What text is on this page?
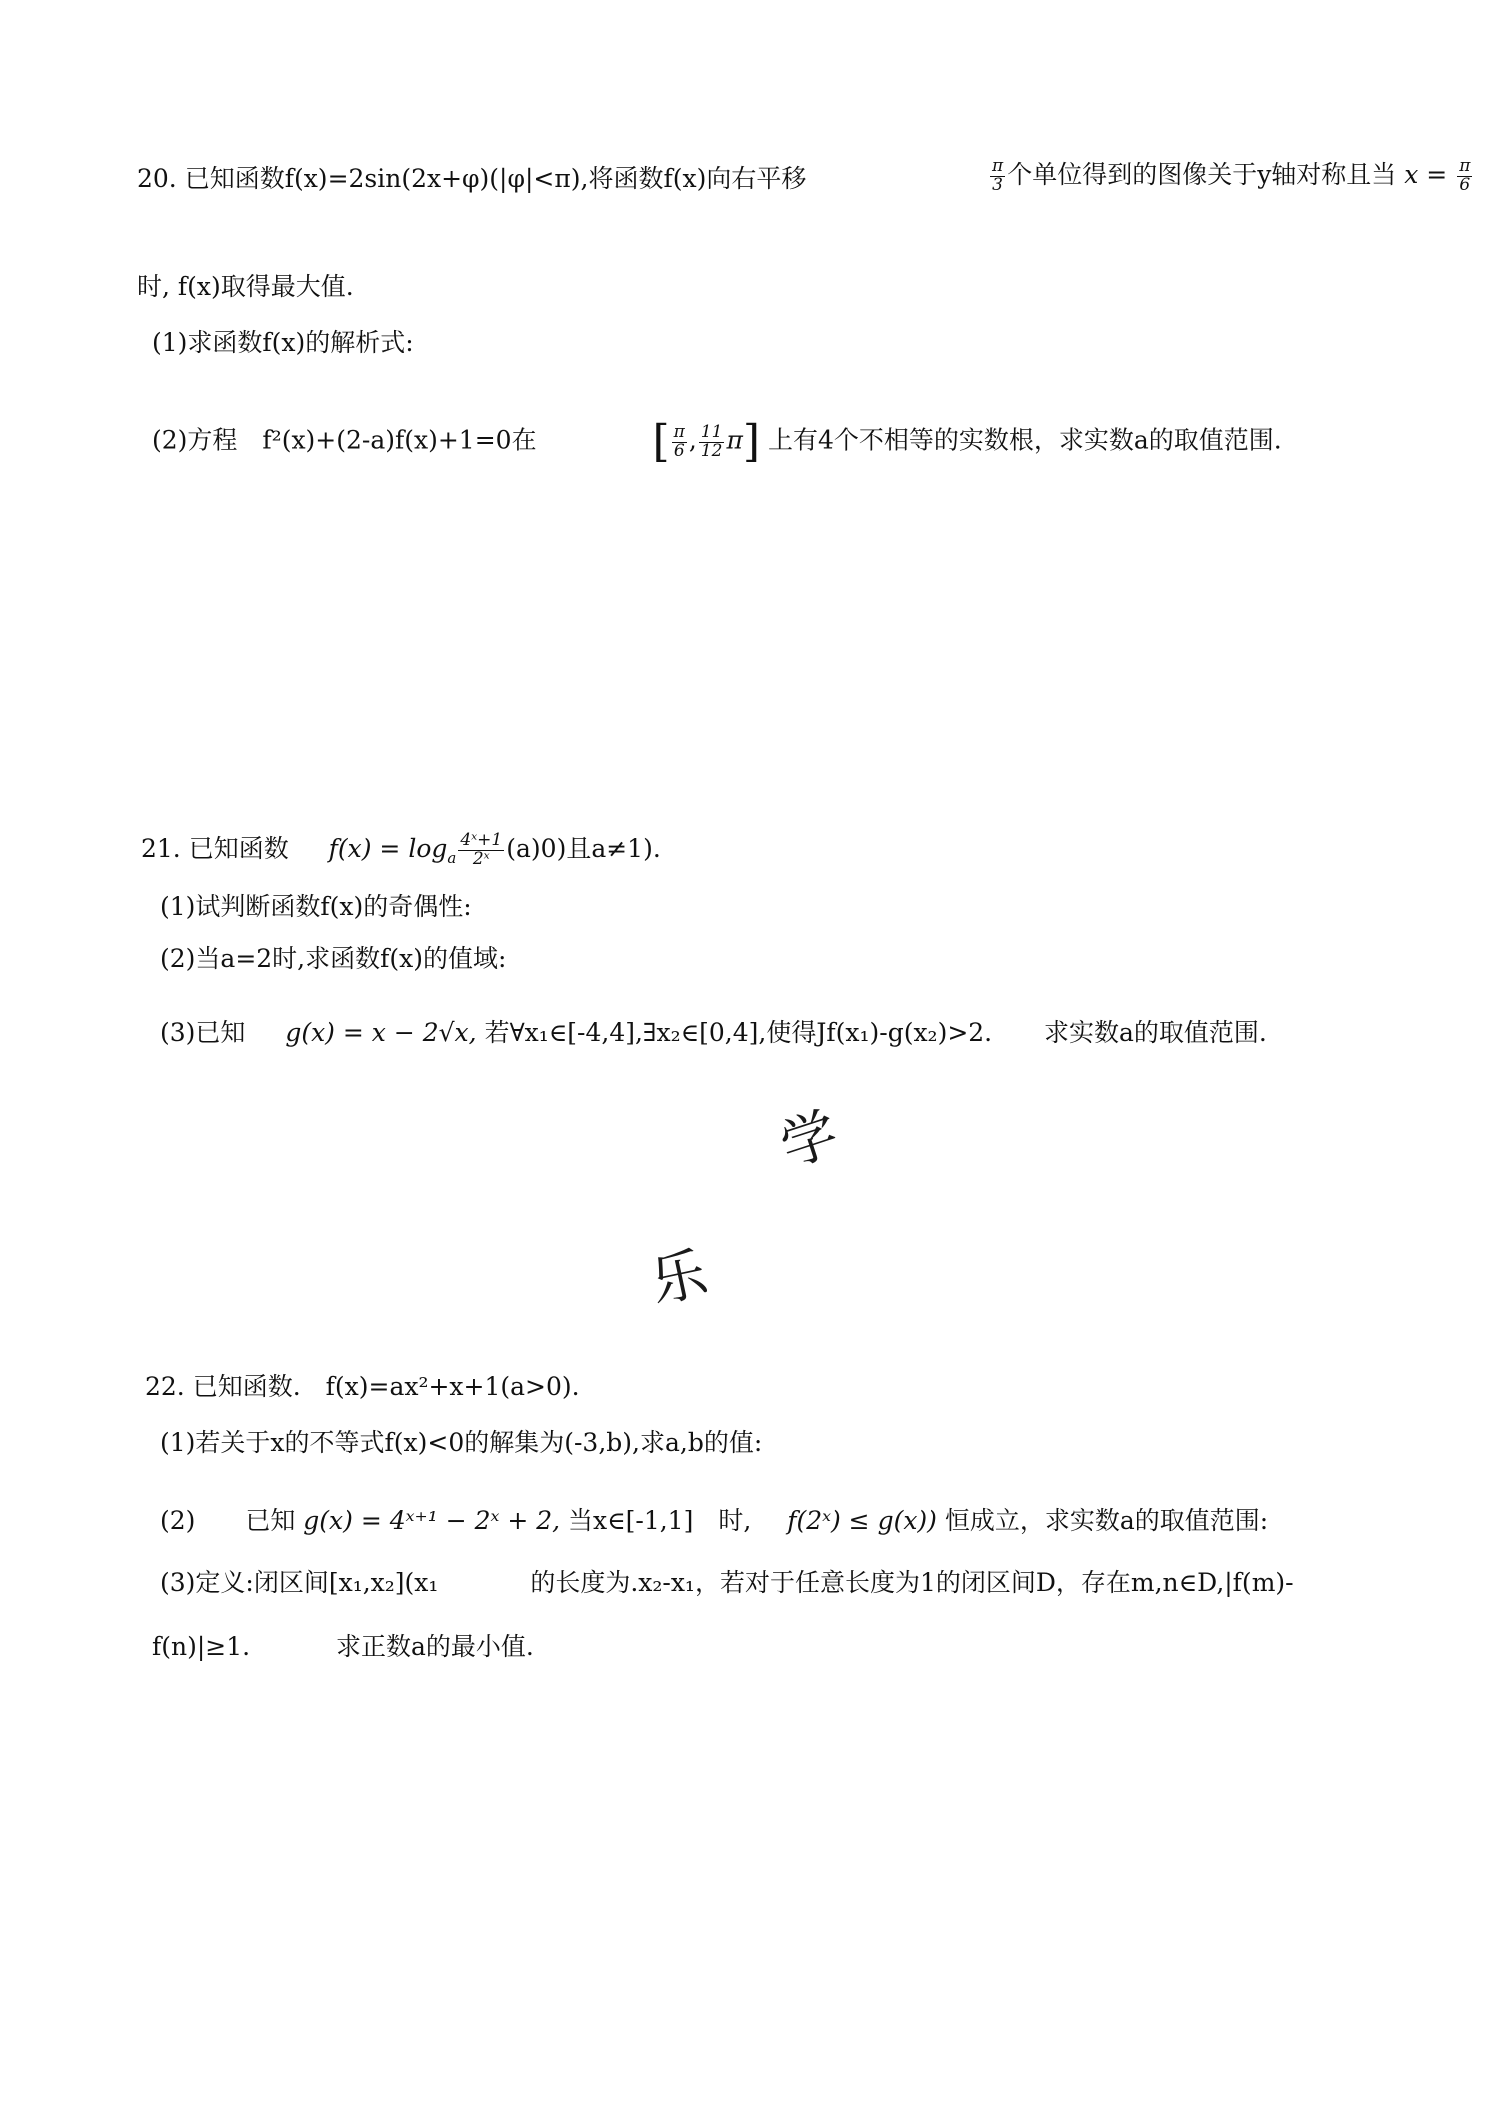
20. 已知函数f(x)=2sin(2x+φ)(|φ|<π),将函数f(x)向右平移	$\frac{\pi}{3}$ 个单位得到的图像关于y轴对称且当 $x = \frac{\pi}{6}$
时, f(x)取得最大值.
(1)求函数f(x)的解析式:
(2)方程　f²(x)+(2-a)f(x)+1=0在	[ $\frac{\pi}{6}$ , $\frac{11}{12} \pi$] 上有4个不相等的实数根，求实数a的取值范围.
21. 已知函数 $f(x) = \log_a \frac{\text{4ˣ+1}}{\text{2ˣ}} (a)0$)且a≠1).
(1)试判断函数f(x)的奇偶性:
(2)当a=2时,求函数f(x)的值域:
(3)已知 g(x) = x − 2√x, 若∀x₁∈[-4,4],∃x₂∈[0,4],使得Jf(x₁)-g(x₂)>2. 求实数a的取值范围.
学
乐
22. 已知函数.　f(x)=ax²+x+1(a>0).
(1)若关于x的不等式f(x)<0的解集为(-3,b),求a,b的值:
(2) 已知 g(x) = 4ˣ⁺¹ − 2ˣ + 2, 当x∈[-1,1]　时, f(2ˣ) ≤ g(x)) 恒成立，求实数a的取值范围:
(3)定义:闭区间[x₁,x₂](x₁	的长度为.x₂-x₁，若对于任意长度为1的闭区间D，存在m,n∈D,|f(m)-
f(n)|≥1.	求正数a的最小值.
